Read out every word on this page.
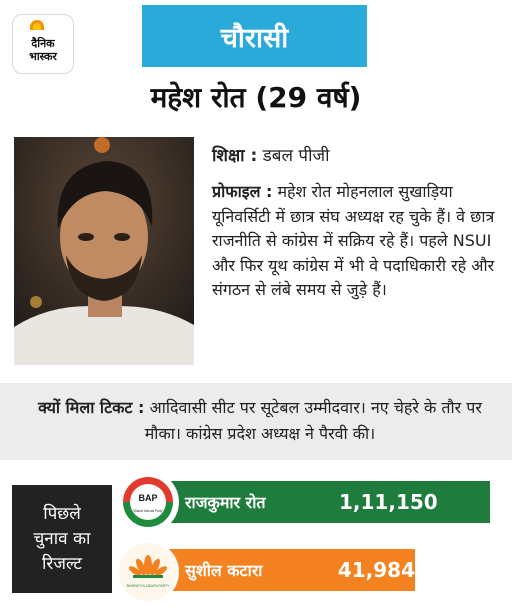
दैनिक
भास्कर
चौरासी
महेश रोत (29 वर्ष)
शिक्षा : डबल पीजी
प्रोफाइल : महेश रोत मोहनलाल सुखाड़िया यूनिवर्सिटी में छात्र संघ अध्यक्ष रह चुके हैं। वे छात्र राजनीति से कांग्रेस में सक्रिय रहे हैं। पहले NSUI और फिर यूथ कांग्रेस में भी वे पदाधिकारी रहे और संगठन से लंबे समय से जुड़े हैं।
क्यों मिला टिकट : आदिवासी सीट पर सूटेबल उम्मीदवार। नए चेहरे के तौर पर मौका। कांग्रेस प्रदेश अध्यक्ष ने पैरवी की।
पिछले
चुनाव का
रिजल्ट
राजकुमार रोत	1,11,150
सुशील कटारा	41,984
BAP
Bharat Adivasi Party
BHARATIYA JANATA PARTY
